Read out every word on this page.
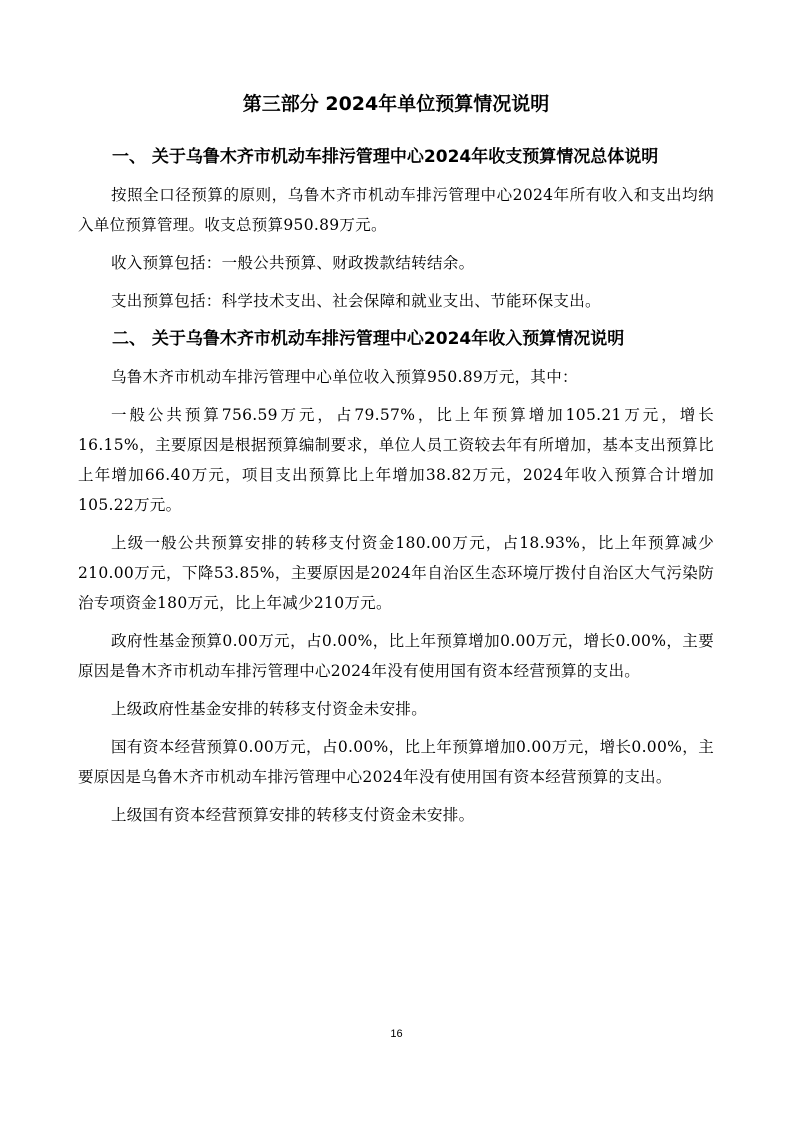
第三部分 2024年单位预算情况说明

一、 关于乌鲁木齐市机动车排污管理中心2024年收支预算情况总体说明

按照全口径预算的原则，乌鲁木齐市机动车排污管理中心2024年所有收入和支出均纳入单位预算管理。收支总预算950.89万元。

收入预算包括：一般公共预算、财政拨款结转结余。

支出预算包括：科学技术支出、社会保障和就业支出、节能环保支出。

二、 关于乌鲁木齐市机动车排污管理中心2024年收入预算情况说明

乌鲁木齐市机动车排污管理中心单位收入预算950.89万元，其中：

一般公共预算756.59万元，占79.57%，比上年预算增加105.21万元，增长16.15%，主要原因是根据预算编制要求，单位人员工资较去年有所增加，基本支出预算比上年增加66.40万元，项目支出预算比上年增加38.82万元，2024年收入预算合计增加105.22万元。

上级一般公共预算安排的转移支付资金180.00万元，占18.93%，比上年预算减少210.00万元，下降53.85%，主要原因是2024年自治区生态环境厅拨付自治区大气污染防治专项资金180万元，比上年减少210万元。

政府性基金预算0.00万元，占0.00%，比上年预算增加0.00万元，增长0.00%，主要原因是鲁木齐市机动车排污管理中心2024年没有使用国有资本经营预算的支出。

上级政府性基金安排的转移支付资金未安排。

国有资本经营预算0.00万元，占0.00%，比上年预算增加0.00万元，增长0.00%，主要原因是乌鲁木齐市机动车排污管理中心2024年没有使用国有资本经营预算的支出。

上级国有资本经营预算安排的转移支付资金未安排。

16
